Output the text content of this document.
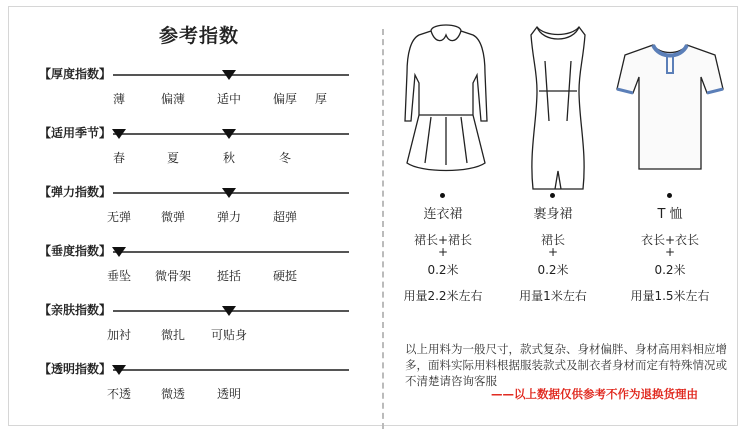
参考指数
【厚度指数】
薄	偏薄	适中	偏厚 厚
【适用季节】
春	夏	秋	冬
【弹力指数】
无弹 微弹	弹力	超弹
【垂度指数】
垂坠 微骨架 挺括	硬挺
【亲肤指数】
加衬 微扎 可贴身
【透明指数】
不透 微透	透明
连衣裙
裙长+裙长
+
0.2米
用量2.2米左右
裹身裙
裙长
+
0.2米
用量1米左右
T 恤
衣长+衣长
+
0.2米
用量1.5米左右
以上用料为一般尺寸，款式复杂、身材偏胖、身材高用料相应增多，面料实际用料根据服装款式及制衣者身材而定有特殊情况或不清楚请咨询客服
——以上数据仅供参考不作为退换货理由
